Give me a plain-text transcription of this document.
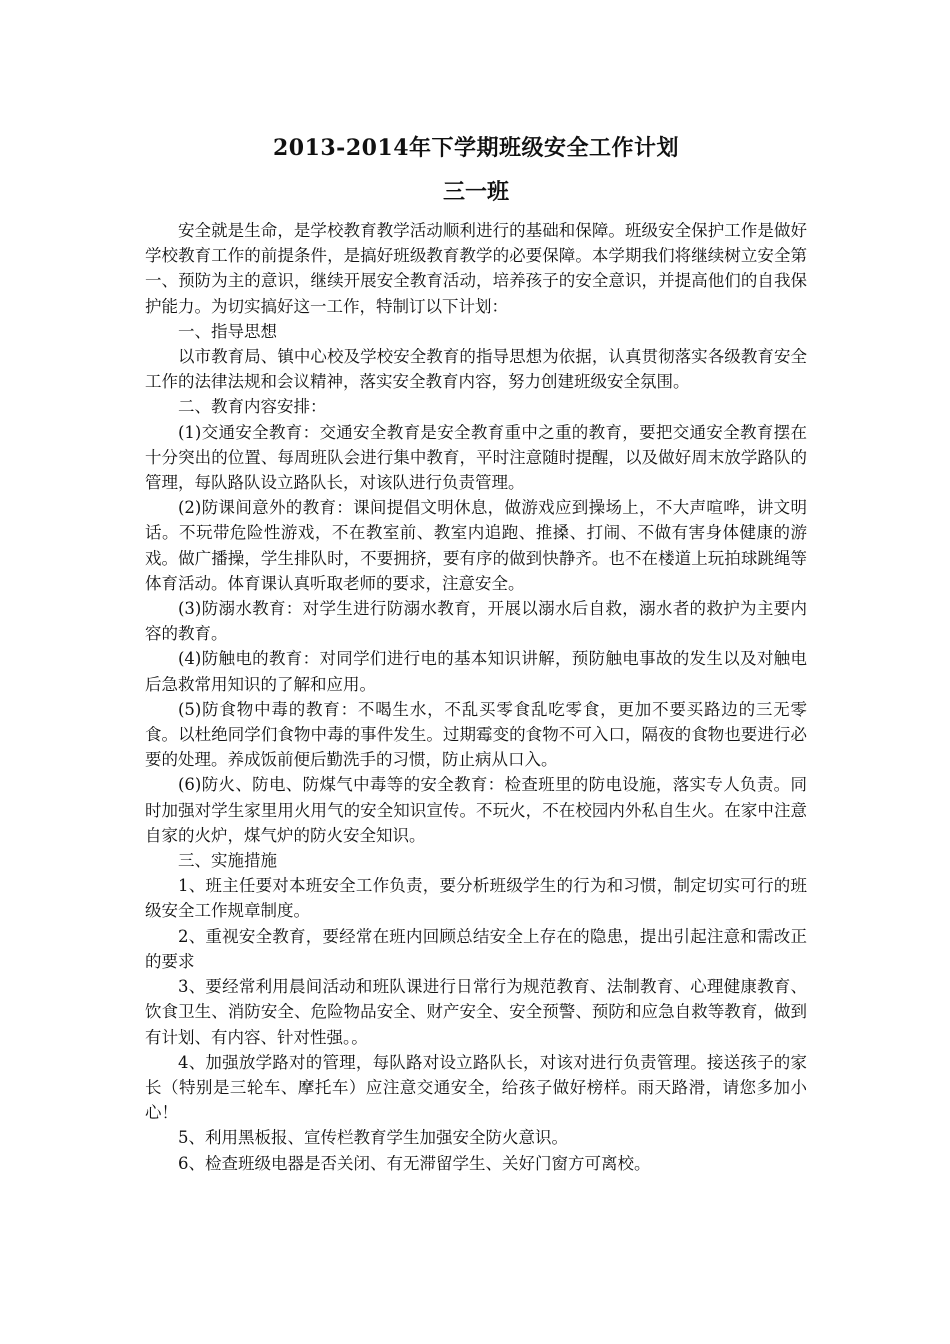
2013-2014年下学期班级安全工作计划
三一班

安全就是生命，是学校教育教学活动顺利进行的基础和保障。班级安全保护工作是做好学校教育工作的前提条件，是搞好班级教育教学的必要保障。本学期我们将继续树立安全第一、预防为主的意识，继续开展安全教育活动，培养孩子的安全意识，并提高他们的自我保护能力。为切实搞好这一工作，特制订以下计划：

一、指导思想

以市教育局、镇中心校及学校安全教育的指导思想为依据，认真贯彻落实各级教育安全工作的法律法规和会议精神，落实安全教育内容，努力创建班级安全氛围。

二、教育内容安排：

(1)交通安全教育：交通安全教育是安全教育重中之重的教育，要把交通安全教育摆在十分突出的位置、每周班队会进行集中教育，平时注意随时提醒，以及做好周末放学路队的管理，每队路队设立路队长，对该队进行负责管理。

(2)防课间意外的教育：课间提倡文明休息，做游戏应到操场上，不大声喧哗，讲文明话。不玩带危险性游戏，不在教室前、教室内追跑、推搡、打闹、不做有害身体健康的游戏。做广播操，学生排队时，不要拥挤，要有序的做到快静齐。也不在楼道上玩拍球跳绳等体育活动。体育课认真听取老师的要求，注意安全。

(3)防溺水教育：对学生进行防溺水教育，开展以溺水后自救，溺水者的救护为主要内容的教育。

(4)防触电的教育：对同学们进行电的基本知识讲解，预防触电事故的发生以及对触电后急救常用知识的了解和应用。

(5)防食物中毒的教育：不喝生水，不乱买零食乱吃零食，更加不要买路边的三无零食。以杜绝同学们食物中毒的事件发生。过期霉变的食物不可入口，隔夜的食物也要进行必要的处理。养成饭前便后勤洗手的习惯，防止病从口入。

(6)防火、防电、防煤气中毒等的安全教育：检查班里的防电设施，落实专人负责。同时加强对学生家里用火用气的安全知识宣传。不玩火，不在校园内外私自生火。在家中注意自家的火炉，煤气炉的防火安全知识。

三、实施措施

1、班主任要对本班安全工作负责，要分析班级学生的行为和习惯，制定切实可行的班级安全工作规章制度。

2、重视安全教育，要经常在班内回顾总结安全上存在的隐患，提出引起注意和需改正的要求

3、要经常利用晨间活动和班队课进行日常行为规范教育、法制教育、心理健康教育、饮食卫生、消防安全、危险物品安全、财产安全、安全预警、预防和应急自救等教育，做到有计划、有内容、针对性强。。

4、加强放学路对的管理，每队路对设立路队长，对该对进行负责管理。接送孩子的家长（特别是三轮车、摩托车）应注意交通安全，给孩子做好榜样。雨天路滑，请您多加小心！

5、利用黑板报、宣传栏教育学生加强安全防火意识。

6、检查班级电器是否关闭、有无滞留学生、关好门窗方可离校。
